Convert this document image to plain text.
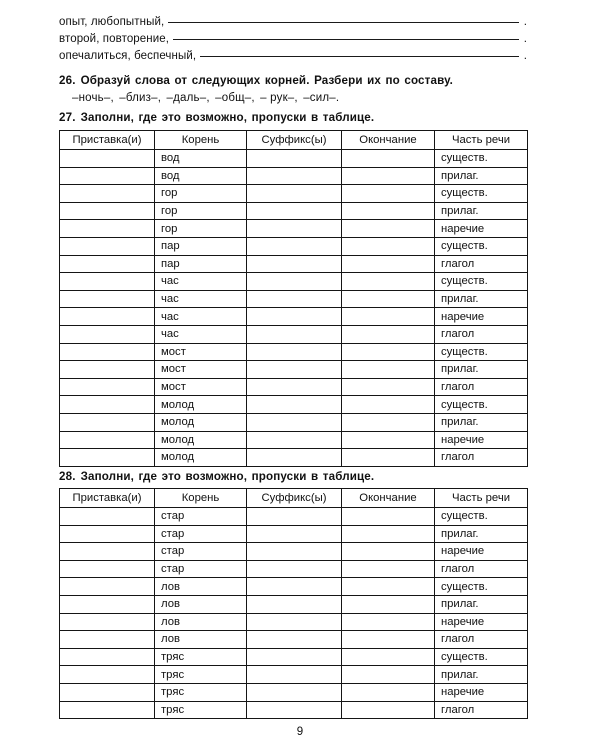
опыт, любопытный,	.
второй, повторение,	.
опечалиться, беспечный,	.
26. Образуй слова от следующих корней. Разбери их по составу.
–ночь–, –близ–, –даль–, –общ–, – рук–, –сил–.
27. Заполни, где это возможно, пропуски в таблице.
Приставка(и)	Корень	Суффикс(ы)	Окончание	Часть речи
	вод			существ.
	вод			прилаг.
	гор			существ.
	гор			прилаг.
	гор			наречие
	пар			существ.
	пар			глагол
	час			существ.
	час			прилаг.
	час			наречие
	час			глагол
	мост			существ.
	мост			прилаг.
	мост			глагол
	молод			существ.
	молод			прилаг.
	молод			наречие
	молод			глагол
28. Заполни, где это возможно, пропуски в таблице.
Приставка(и)	Корень	Суффикс(ы)	Окончание	Часть речи
	стар			существ.
	стар			прилаг.
	стар			наречие
	стар			глагол
	лов			существ.
	лов			прилаг.
	лов			наречие
	лов			глагол
	тряс			существ.
	тряс			прилаг.
	тряс			наречие
	тряс			глагол
9
